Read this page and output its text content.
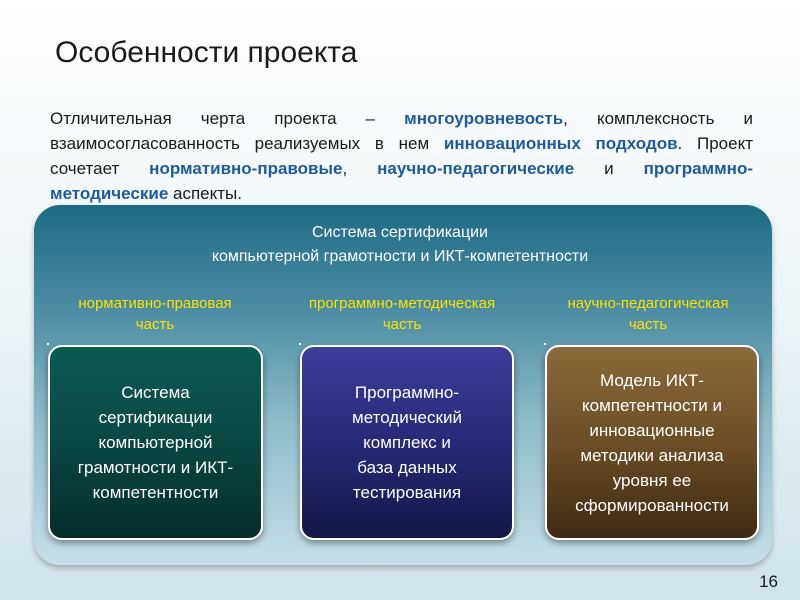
Особенности проекта
Отличительная черта проекта – многоуровневость, комплексность и взаимосогласованность реализуемых в нем инновационных подходов. Проект сочетает нормативно-правовые, научно-педагогические и программно-методические аспекты.
Система сертификации
компьютерной грамотности и ИКТ-компетентности
нормативно-правовая
часть
программно-методическая
часть
научно-педагогическая
часть
Система
сертификации
компьютерной
грамотности и ИКТ-
компетентности
Программно-
методический
комплекс и
база данных
тестирования
Модель ИКТ-
компетентности и
инновационные
методики анализа
уровня ее
сформированности
16
